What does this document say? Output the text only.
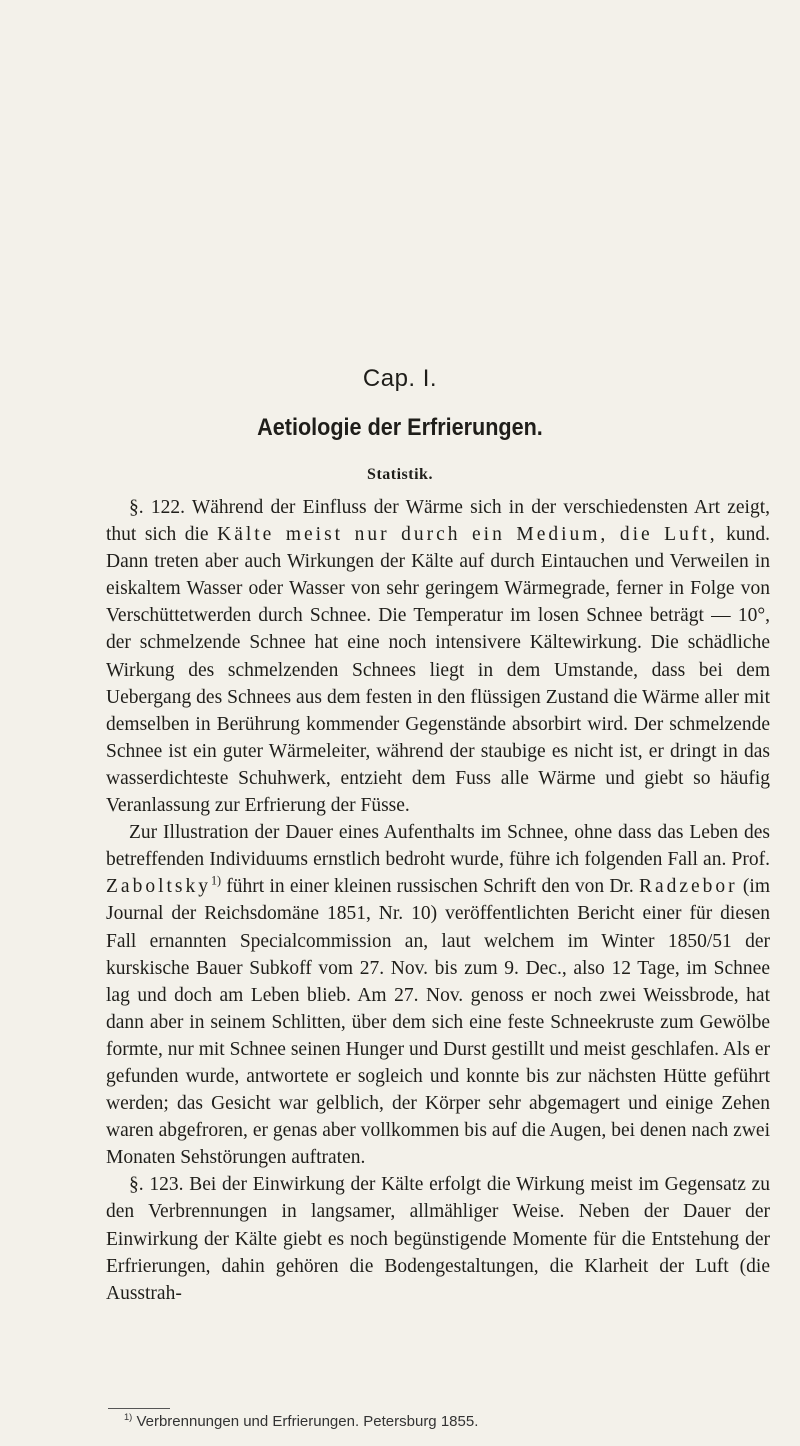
Cap. I.
Aetiologie der Erfrierungen.
Statistik.

§. 122. Während der Einfluss der Wärme sich in der verschiedensten Art zeigt, thut sich die Kälte meist nur durch ein Medium, die Luft, kund. Dann treten aber auch Wirkungen der Kälte auf durch Eintauchen und Verweilen in eiskaltem Wasser oder Wasser von sehr geringem Wärmegrade, ferner in Folge von Verschüttetwerden durch Schnee. Die Temperatur im losen Schnee beträgt — 10°, der schmelzende Schnee hat eine noch intensivere Kältewirkung. Die schädliche Wirkung des schmelzenden Schnees liegt in dem Umstande, dass bei dem Uebergang des Schnees aus dem festen in den flüssigen Zustand die Wärme aller mit demselben in Berührung kommender Gegenstände absorbirt wird. Der schmelzende Schnee ist ein guter Wärmeleiter, während der staubige es nicht ist, er dringt in das wasserdichteste Schuhwerk, entzieht dem Fuss alle Wärme und giebt so häufig Veranlassung zur Erfrierung der Füsse.

Zur Illustration der Dauer eines Aufenthalts im Schnee, ohne dass das Leben des betreffenden Individuums ernstlich bedroht wurde, führe ich folgenden Fall an. Prof. Zaboltsky$^{1)}$ führt in einer kleinen russischen Schrift den von Dr. Radzebor (im Journal der Reichsdomäne 1851, Nr. 10) veröffentlichten Bericht einer für diesen Fall ernannten Specialcommission an, laut welchem im Winter 1850/51 der kurskische Bauer Subkoff vom 27. Nov. bis zum 9. Dec., also 12 Tage, im Schnee lag und doch am Leben blieb. Am 27. Nov. genoss er noch zwei Weissbrode, hat dann aber in seinem Schlitten, über dem sich eine feste Schneekruste zum Gewölbe formte, nur mit Schnee seinen Hunger und Durst gestillt und meist geschlafen. Als er gefunden wurde, antwortete er sogleich und konnte bis zur nächsten Hütte geführt werden; das Gesicht war gelblich, der Körper sehr abgemagert und einige Zehen waren abgefroren, er genas aber vollkommen bis auf die Augen, bei denen nach zwei Monaten Sehstörungen auftraten.

§. 123. Bei der Einwirkung der Kälte erfolgt die Wirkung meist im Gegensatz zu den Verbrennungen in langsamer, allmähliger Weise. Neben der Dauer der Einwirkung der Kälte giebt es noch begünstigende Momente für die Entstehung der Erfrierungen, dahin gehören die Bodengestaltungen, die Klarheit der Luft (die Ausstrah-

$^{1)}$ Verbrennungen und Erfrierungen. Petersburg 1855.
